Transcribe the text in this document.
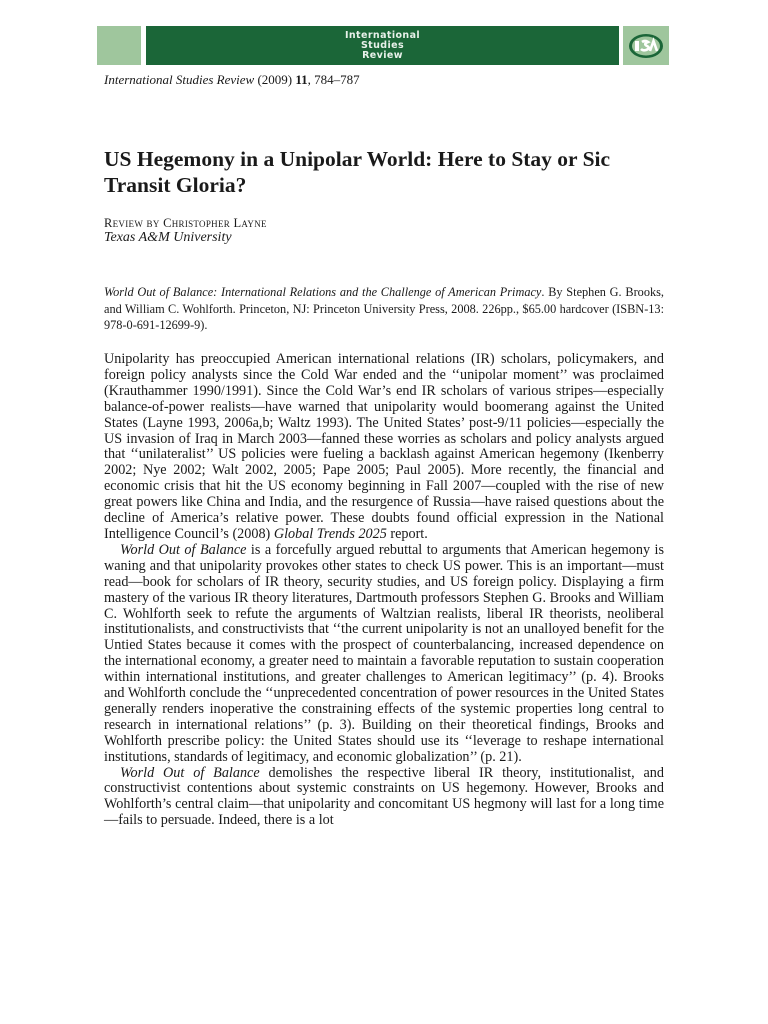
International
Studies
Review
International Studies Review (2009) 11, 784–787
US Hegemony in a Unipolar World: Here to Stay or Sic Transit Gloria?
Review by Christopher Layne
Texas A&M University

World Out of Balance: International Relations and the Challenge of American Primacy. By Stephen G. Brooks, and William C. Wohlforth. Princeton, NJ: Princeton University Press, 2008. 226pp., $65.00 hardcover (ISBN-13: 978-0-691-12699-9).

Unipolarity has preoccupied American international relations (IR) scholars, policymakers, and foreign policy analysts since the Cold War ended and the ‘‘unipolar moment’’ was proclaimed (Krauthammer 1990/1991). Since the Cold War’s end IR scholars of various stripes—especially balance-of-power realists—have warned that unipolarity would boomerang against the United States (Layne 1993, 2006a,b; Waltz 1993). The United States’ post-9/11 policies—especially the US invasion of Iraq in March 2003—fanned these worries as scholars and policy analysts argued that ‘‘unilateralist’’ US policies were fueling a backlash against American hegemony (Ikenberry 2002; Nye 2002; Walt 2002, 2005; Pape 2005; Paul 2005). More recently, the financial and economic crisis that hit the US economy beginning in Fall 2007—coupled with the rise of new great powers like China and India, and the resurgence of Russia—have raised questions about the decline of America’s relative power. These doubts found official expression in the National Intelligence Council’s (2008) Global Trends 2025 report.

World Out of Balance is a forcefully argued rebuttal to arguments that American hegemony is waning and that unipolarity provokes other states to check US power. This is an important—must read—book for scholars of IR theory, security studies, and US foreign policy. Displaying a firm mastery of the various IR theory literatures, Dartmouth professors Stephen G. Brooks and William C. Wohlforth seek to refute the arguments of Waltzian realists, liberal IR theorists, neoliberal institutionalists, and constructivists that ‘‘the current unipolarity is not an unalloyed benefit for the Untied States because it comes with the prospect of counterbalancing, increased dependence on the international economy, a greater need to maintain a favorable reputation to sustain cooperation within international institutions, and greater challenges to American legitimacy’’ (p. 4). Brooks and Wohlforth conclude the ‘‘unprecedented concentration of power resources in the United States generally renders inoperative the constraining effects of the systemic properties long central to research in international relations’’ (p. 3). Building on their theoretical findings, Brooks and Wohlforth prescribe policy: the United States should use its ‘‘leverage to reshape international institutions, standards of legitimacy, and economic globalization’’ (p. 21).

World Out of Balance demolishes the respective liberal IR theory, institutionalist, and constructivist contentions about systemic constraints on US hegemony. However, Brooks and Wohlforth’s central claim—that unipolarity and concomitant US hegmony will last for a long time—fails to persuade. Indeed, there is a lot
